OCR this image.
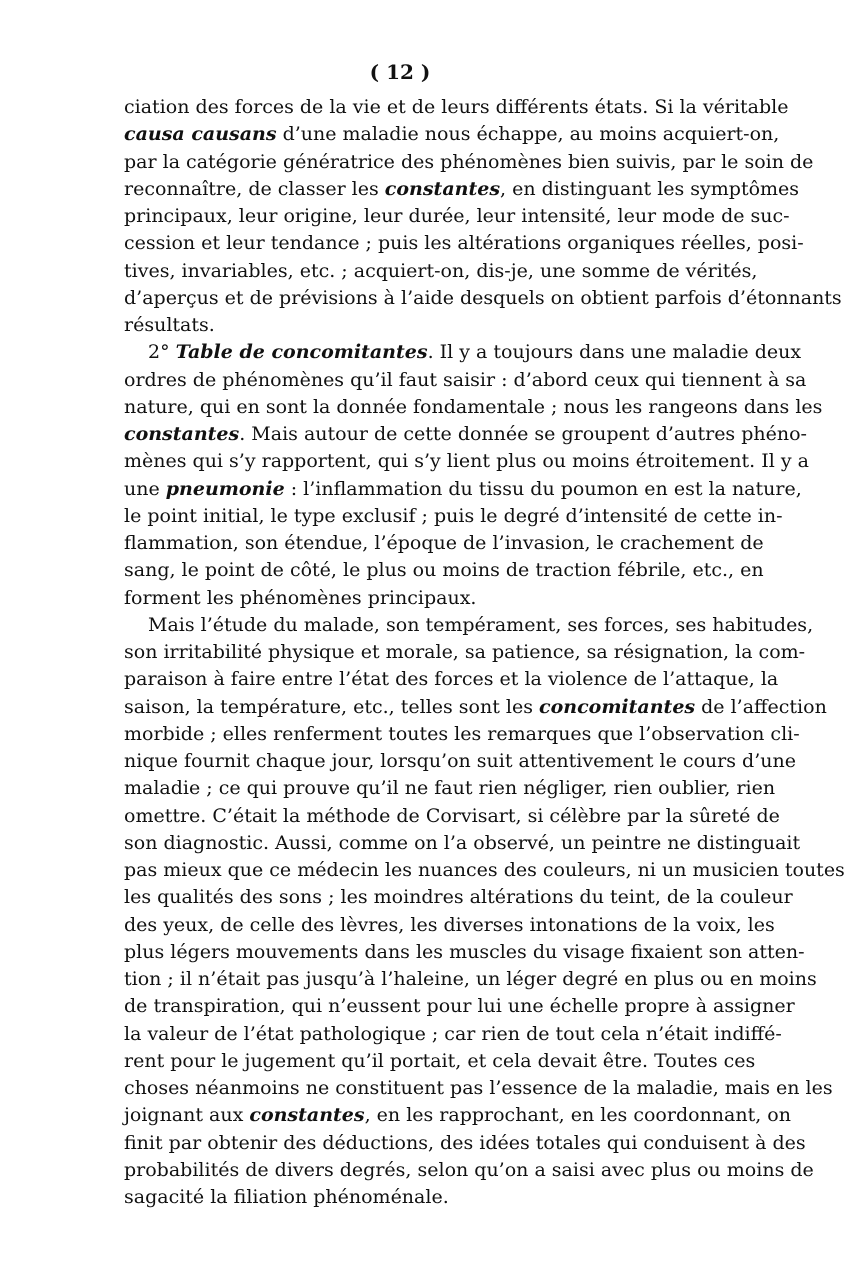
( 12 )
ciation des forces de la vie et de leurs différents états. Si la véritable
causa causans d’une maladie nous échappe, au moins acquiert-on,
par la catégorie génératrice des phénomènes bien suivis, par le soin de
reconnaître, de classer les constantes, en distinguant les symptômes
principaux, leur origine, leur durée, leur intensité, leur mode de suc-
cession et leur tendance ; puis les altérations organiques réelles, posi-
tives, invariables, etc. ; acquiert-on, dis-je, une somme de vérités,
d’aperçus et de prévisions à l’aide desquels on obtient parfois d’étonnants
résultats.
2° Table de concomitantes. Il y a toujours dans une maladie deux
ordres de phénomènes qu’il faut saisir : d’abord ceux qui tiennent à sa
nature, qui en sont la donnée fondamentale ; nous les rangeons dans les
constantes. Mais autour de cette donnée se groupent d’autres phéno-
mènes qui s’y rapportent, qui s’y lient plus ou moins étroitement. Il y a
une pneumonie : l’inflammation du tissu du poumon en est la nature,
le point initial, le type exclusif ; puis le degré d’intensité de cette in-
flammation, son étendue, l’époque de l’invasion, le crachement de
sang, le point de côté, le plus ou moins de traction fébrile, etc., en
forment les phénomènes principaux.
Mais l’étude du malade, son tempérament, ses forces, ses habitudes,
son irritabilité physique et morale, sa patience, sa résignation, la com-
paraison à faire entre l’état des forces et la violence de l’attaque, la
saison, la température, etc., telles sont les concomitantes de l’affection
morbide ; elles renferment toutes les remarques que l’observation cli-
nique fournit chaque jour, lorsqu’on suit attentivement le cours d’une
maladie ; ce qui prouve qu’il ne faut rien négliger, rien oublier, rien
omettre. C’était la méthode de Corvisart, si célèbre par la sûreté de
son diagnostic. Aussi, comme on l’a observé, un peintre ne distinguait
pas mieux que ce médecin les nuances des couleurs, ni un musicien toutes
les qualités des sons ; les moindres altérations du teint, de la couleur
des yeux, de celle des lèvres, les diverses intonations de la voix, les
plus légers mouvements dans les muscles du visage fixaient son atten-
tion ; il n’était pas jusqu’à l’haleine, un léger degré en plus ou en moins
de transpiration, qui n’eussent pour lui une échelle propre à assigner
la valeur de l’état pathologique ; car rien de tout cela n’était indiffé-
rent pour le jugement qu’il portait, et cela devait être. Toutes ces
choses néanmoins ne constituent pas l’essence de la maladie, mais en les
joignant aux constantes, en les rapprochant, en les coordonnant, on
finit par obtenir des déductions, des idées totales qui conduisent à des
probabilités de divers degrés, selon qu’on a saisi avec plus ou moins de
sagacité la filiation phénoménale.
